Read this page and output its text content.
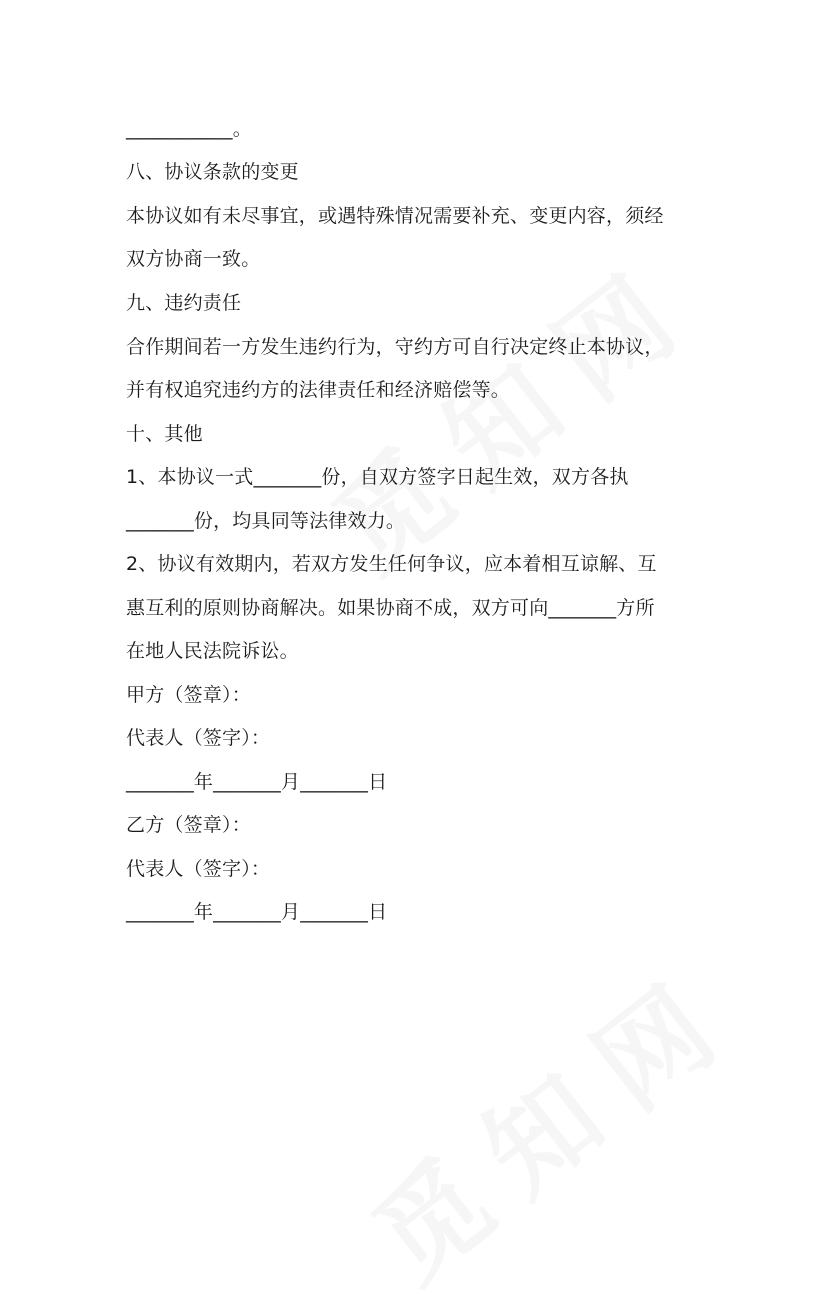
___________。
八、协议条款的变更
本协议如有未尽事宜，或遇特殊情况需要补充、变更内容，须经
双方协商一致。
九、违约责任
合作期间若一方发生违约行为，守约方可自行决定终止本协议，
并有权追究违约方的法律责任和经济赔偿等。
十、其他
1、本协议一式_______份，自双方签字日起生效，双方各执
_______份，均具同等法律效力。
2、协议有效期内，若双方发生任何争议，应本着相互谅解、互
惠互利的原则协商解决。如果协商不成，双方可向_______方所
在地人民法院诉讼。
甲方（签章）：
代表人（签字）：
_______年_______月_______日
乙方（签章）：
代表人（签字）：
_______年_______月_______日
